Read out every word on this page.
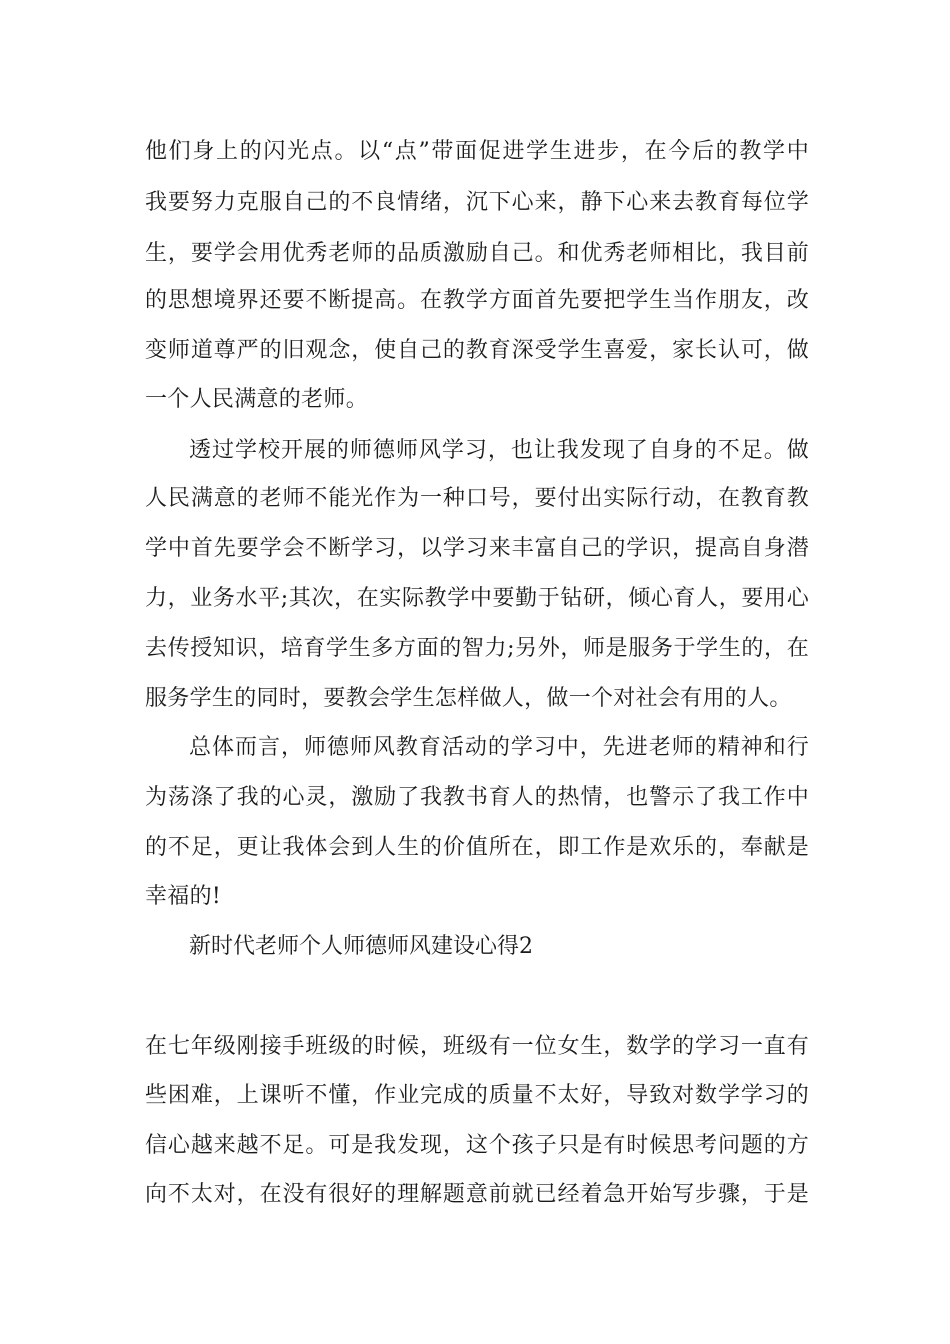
他们身上的闪光点。以“点”带面促进学生进步，在今后的教学中
我要努力克服自己的不良情绪，沉下心来，静下心来去教育每位学
生，要学会用优秀老师的品质激励自己。和优秀老师相比，我目前
的思想境界还要不断提高。在教学方面首先要把学生当作朋友，改
变师道尊严的旧观念，使自己的教育深受学生喜爱，家长认可，做
一个人民满意的老师。
透过学校开展的师德师风学习，也让我发现了自身的不足。做
人民满意的老师不能光作为一种口号，要付出实际行动，在教育教
学中首先要学会不断学习，以学习来丰富自己的学识，提高自身潜
力，业务水平;其次，在实际教学中要勤于钻研，倾心育人，要用心
去传授知识，培育学生多方面的智力;另外，师是服务于学生的，在
服务学生的同时，要教会学生怎样做人，做一个对社会有用的人。
总体而言，师德师风教育活动的学习中，先进老师的精神和行
为荡涤了我的心灵，激励了我教书育人的热情，也警示了我工作中
的不足，更让我体会到人生的价值所在，即工作是欢乐的，奉献是
幸福的!
新时代老师个人师德师风建设心得2
在七年级刚接手班级的时候，班级有一位女生，数学的学习一直有
些困难，上课听不懂，作业完成的质量不太好，导致对数学学习的
信心越来越不足。可是我发现，这个孩子只是有时候思考问题的方
向不太对，在没有很好的理解题意前就已经着急开始写步骤，于是
